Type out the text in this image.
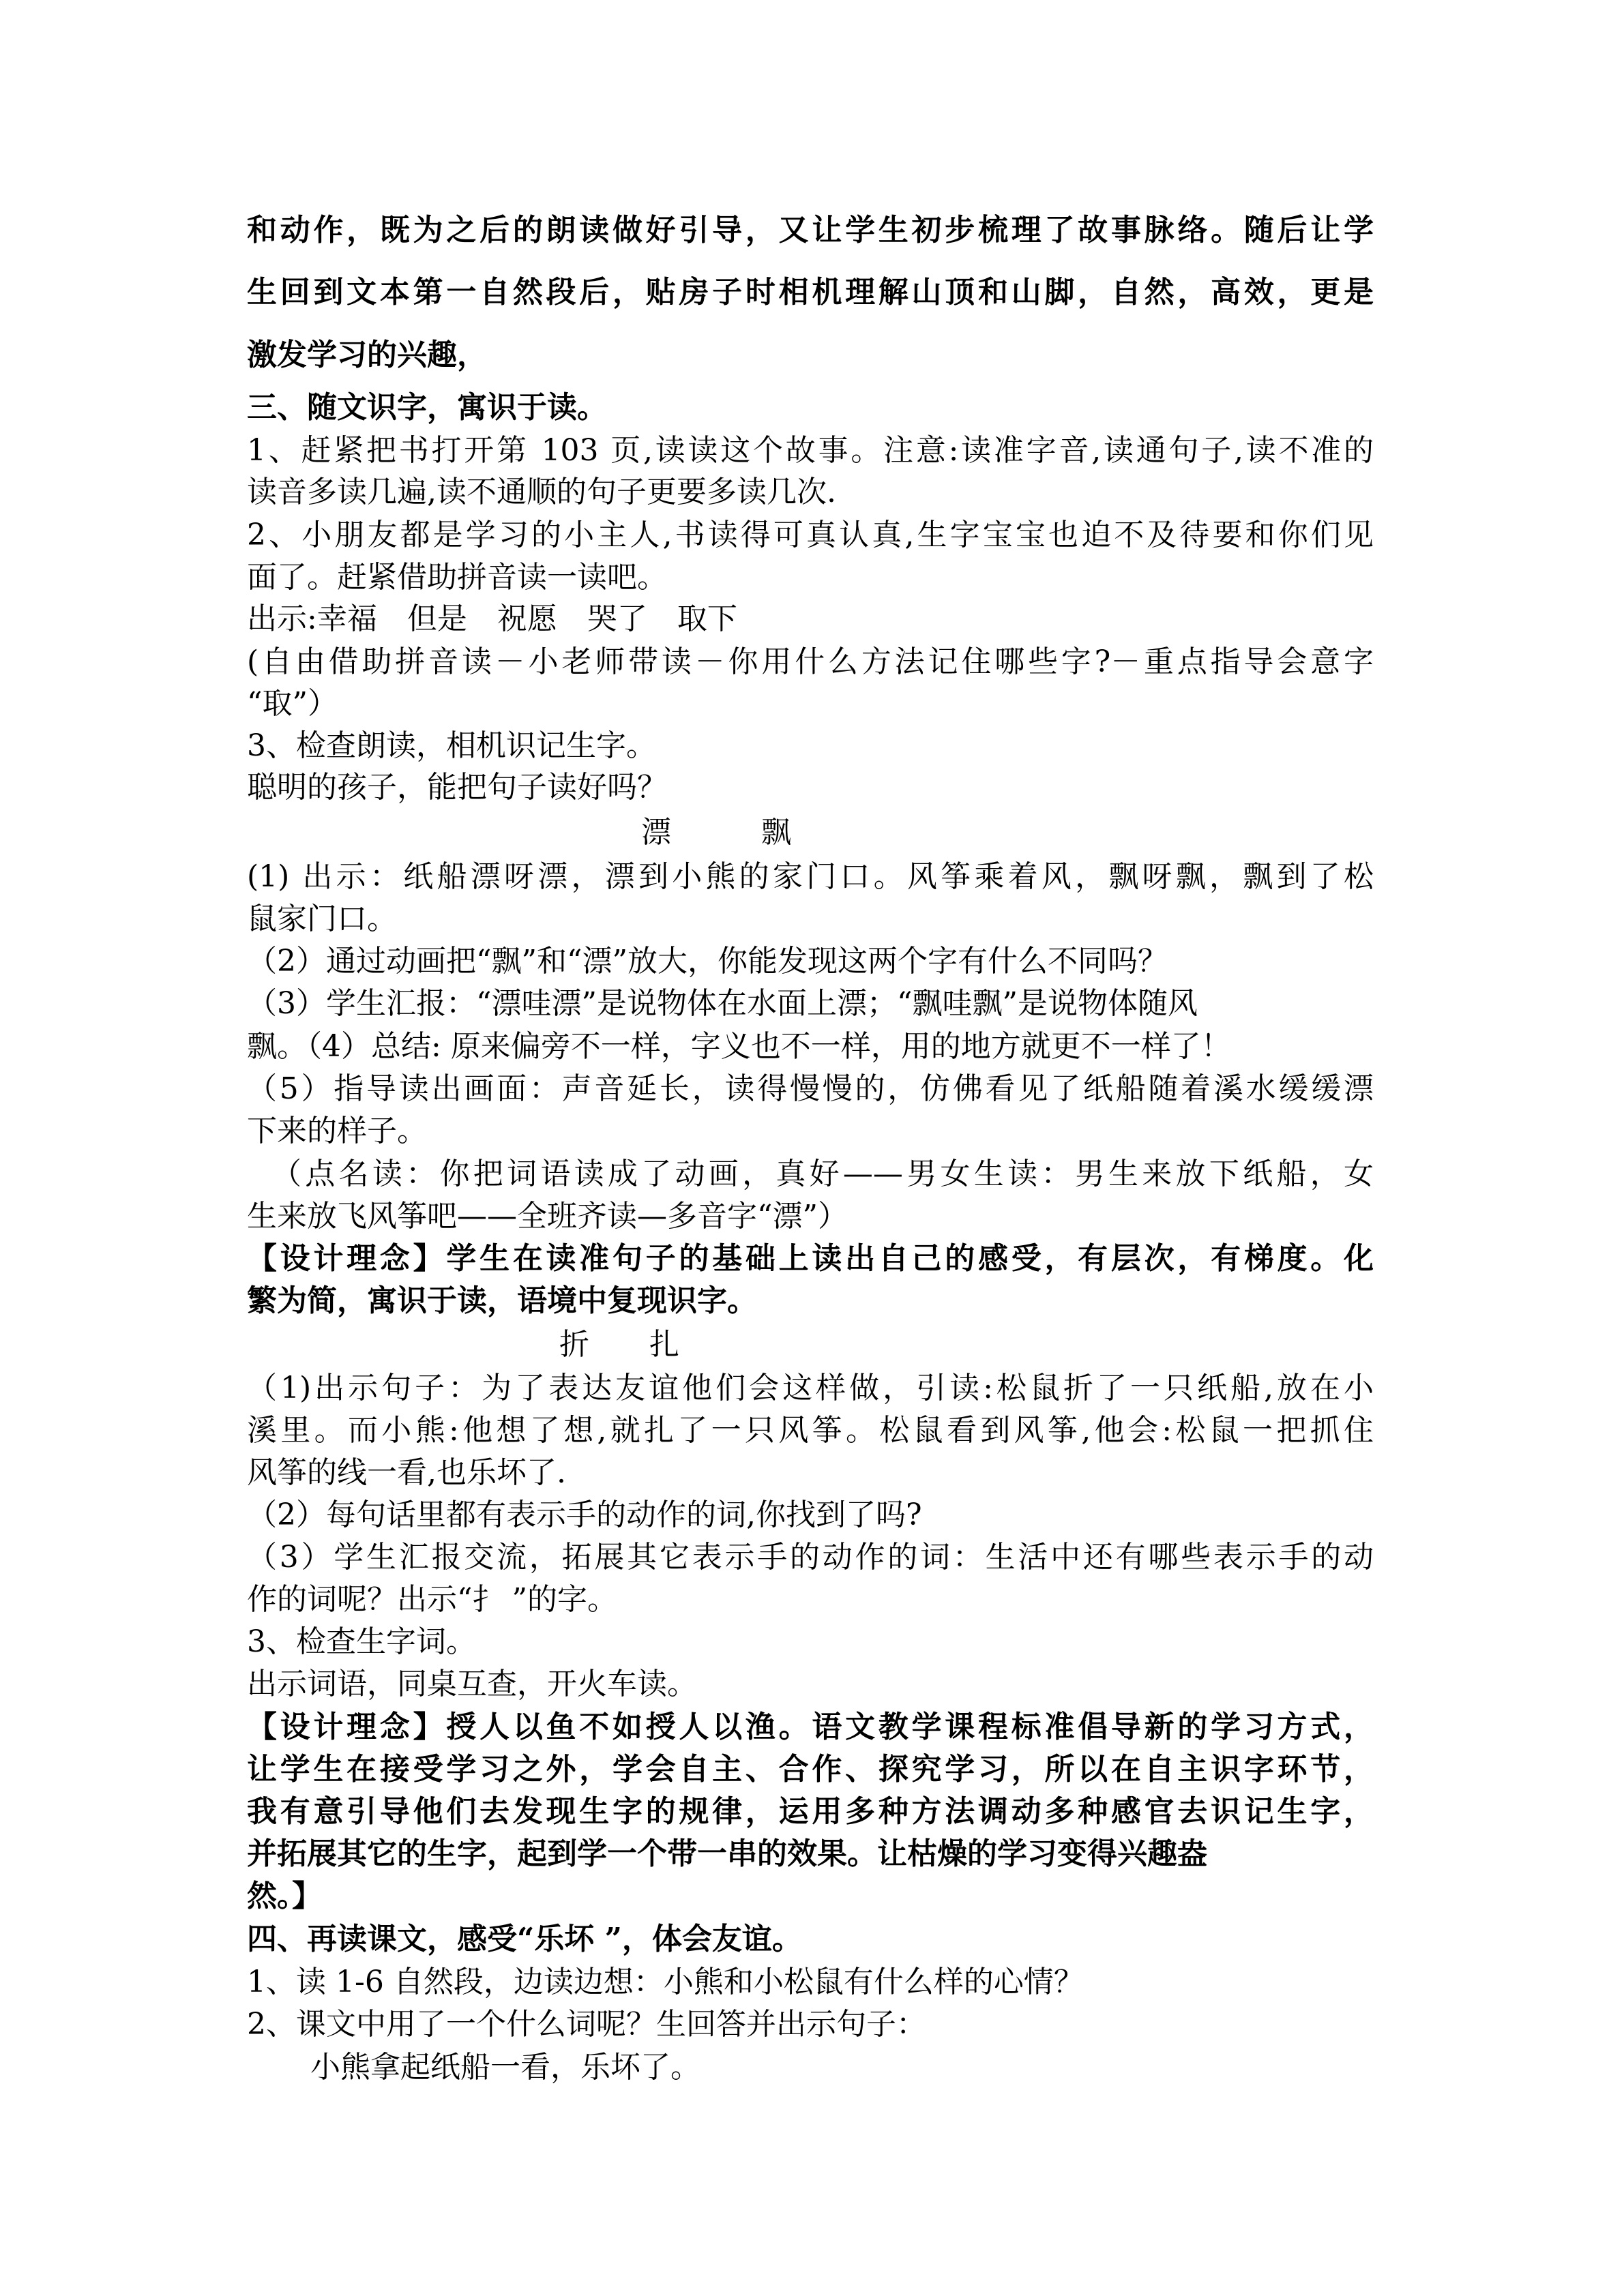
和动作，既为之后的朗读做好引导，又让学生初步梳理了故事脉络。随后让学

生回到文本第一自然段后，贴房子时相机理解山顶和山脚，自然，高效，更是

激发学习的兴趣，

三、随文识字，寓识于读。

1、赶紧把书打开第 103 页,读读这个故事。注意:读准字音,读通句子,读不准的

读音多读几遍,读不通顺的句子更要多读几次.

2、小朋友都是学习的小主人,书读得可真认真,生字宝宝也迫不及待要和你们见

面了。赶紧借助拼音读一读吧。

出示:幸福　但是　祝愿　哭了　取下

(自由借助拼音读－小老师带读－你用什么方法记住哪些字?－重点指导会意字

“取”）

3、检查朗读，相机识记生字。

聪明的孩子，能把句子读好吗？

漂　　　飘

(1) 出示：纸船漂呀漂，漂到小熊的家门口。风筝乘着风，飘呀飘，飘到了松

鼠家门口。

（2）通过动画把“飘”和“漂”放大，你能发现这两个字有什么不同吗？

（3）学生汇报：“漂哇漂”是说物体在水面上漂；“飘哇飘”是说物体随风

飘。（4）总结: 原来偏旁不一样，字义也不一样，用的地方就更不一样了！

（5）指导读出画面：声音延长，读得慢慢的，仿佛看见了纸船随着溪水缓缓漂

下来的样子。

（点名读：你把词语读成了动画，真好——男女生读：男生来放下纸船，女

生来放飞风筝吧——全班齐读—多音字“漂”）

【设计理念】学生在读准句子的基础上读出自己的感受，有层次，有梯度。化

繁为简，寓识于读，语境中复现识字。

折　　扎

（1)出示句子：为了表达友谊他们会这样做，引读:松鼠折了一只纸船,放在小

溪里。而小熊:他想了想,就扎了一只风筝。松鼠看到风筝,他会:松鼠一把抓住

风筝的线一看,也乐坏了.

（2）每句话里都有表示手的动作的词,你找到了吗?

（3）学生汇报交流，拓展其它表示手的动作的词：生活中还有哪些表示手的动

作的词呢？出示“扌 ”的字。

3、检查生字词。

出示词语，同桌互查，开火车读。

【设计理念】授人以鱼不如授人以渔。语文教学课程标准倡导新的学习方式，

让学生在接受学习之外，学会自主、合作、探究学习，所以在自主识字环节，

我有意引导他们去发现生字的规律，运用多种方法调动多种感官去识记生字，

并拓展其它的生字，起到学一个带一串的效果。让枯燥的学习变得兴趣盎

然。】

四、再读课文，感受“乐坏 ”，体会友谊。

1、读 1-6 自然段，边读边想：小熊和小松鼠有什么样的心情？

2、课文中用了一个什么词呢？生回答并出示句子：

小熊拿起纸船一看，乐坏了。
